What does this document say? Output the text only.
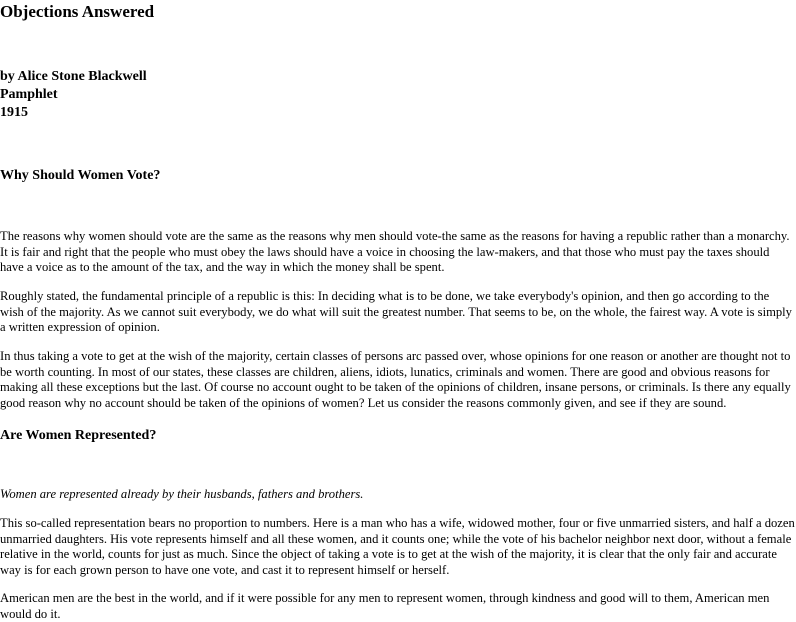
Objections Answered
by Alice Stone Blackwell
Pamphlet
1915
Why Should Women Vote?

The reasons why women should vote are the same as the reasons why men should vote-the same as the reasons for having a republic rather than a monarchy. It is fair and right that the people who must obey the laws should have a voice in choosing the law-makers, and that those who must pay the taxes should have a voice as to the amount of the tax, and the way in which the money shall be spent.

Roughly stated, the fundamental principle of a republic is this: In deciding what is to be done, we take everybody's opinion, and then go according to the wish of the majority. As we cannot suit everybody, we do what will suit the greatest number. That seems to be, on the whole, the fairest way. A vote is simply a written expression of opinion.

In thus taking a vote to get at the wish of the majority, certain classes of persons arc passed over, whose opinions for one reason or another are thought not to be worth counting. In most of our states, these classes are children, aliens, idiots, lunatics, criminals and women. There are good and obvious reasons for making all these exceptions but the last. Of course no account ought to be taken of the opinions of children, insane persons, or criminals. Is there any equally good reason why no account should be taken of the opinions of women? Let us consider the reasons commonly given, and see if they are sound.

Are Women Represented?

Women are represented already by their husbands, fathers and brothers.

This so-called representation bears no proportion to numbers. Here is a man who has a wife, widowed mother, four or five unmarried sisters, and half a dozen unmarried daughters. His vote represents himself and all these women, and it counts one; while the vote of his bachelor neighbor next door, without a female relative in the world, counts for just as much. Since the object of taking a vote is to get at the wish of the majority, it is clear that the only fair and accurate way is for each grown person to have one vote, and cast it to represent himself or herself.

American men are the best in the world, and if it were possible for any men to represent women, through kindness and good will to them, American men would do it.
